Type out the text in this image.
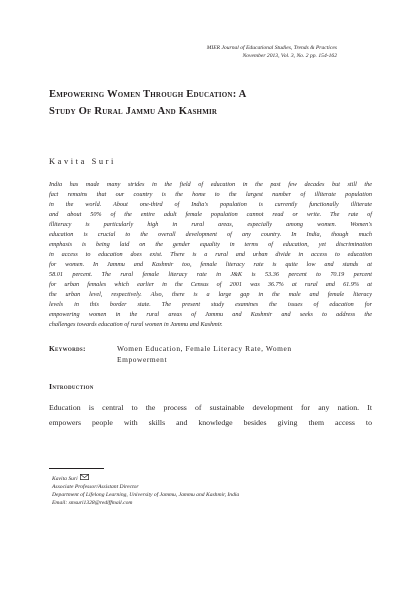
MIER Journal of Educational Studies, Trends & Practices
November 2013, Vol. 3, No. 2 pp. 154-162
Empowering Women Through Education: A
Study Of Rural Jammu And Kashmir

Kavita Suri

India has made many strides in the field of education in the past few decades but still the
fact remains that our country is the home to the largest number of illiterate population
in the world. About one-third of India's population is currently functionally illiterate
and about 50% of the entire adult female population cannot read or write. The rate of
illiteracy is particularly high in rural areas, especially among women. Women's
education is crucial to the overall development of any country. In India, though much
emphasis is being laid on the gender equality in terms of education, yet discrimination
in access to education does exist. There is a rural and urban divide in access to education
for women. In Jammu and Kashmir too, female literacy rate is quite low and stands at
58.01 percent. The rural female literacy rate in J&K is 53.36 percent to 70.19 percent
for urban females which earlier in the Census of 2001 was 36.7% at rural and 61.9% at
the urban level, respectively. Also, there is a large gap in the male and female literacy
levels in this border state. The present study examines the issues of education for
empowering women in the rural areas of Jammu and Kashmir and seeks to address the
challenges towards education of rural women in Jammu and Kashmir.
Keywords:	Women Education, Female Literacy Rate, Women
Empowerment
Introduction
Education is central to the process of sustainable development for any nation. It
empowers people with skills and knowledge besides giving them access to
Kavita Suri
Associate Professor/Assistant Director
Department of Lifelong Learning, University of Jammu, Jammu and Kashmir, India
Email: smsuri1328@rediffmail.com
